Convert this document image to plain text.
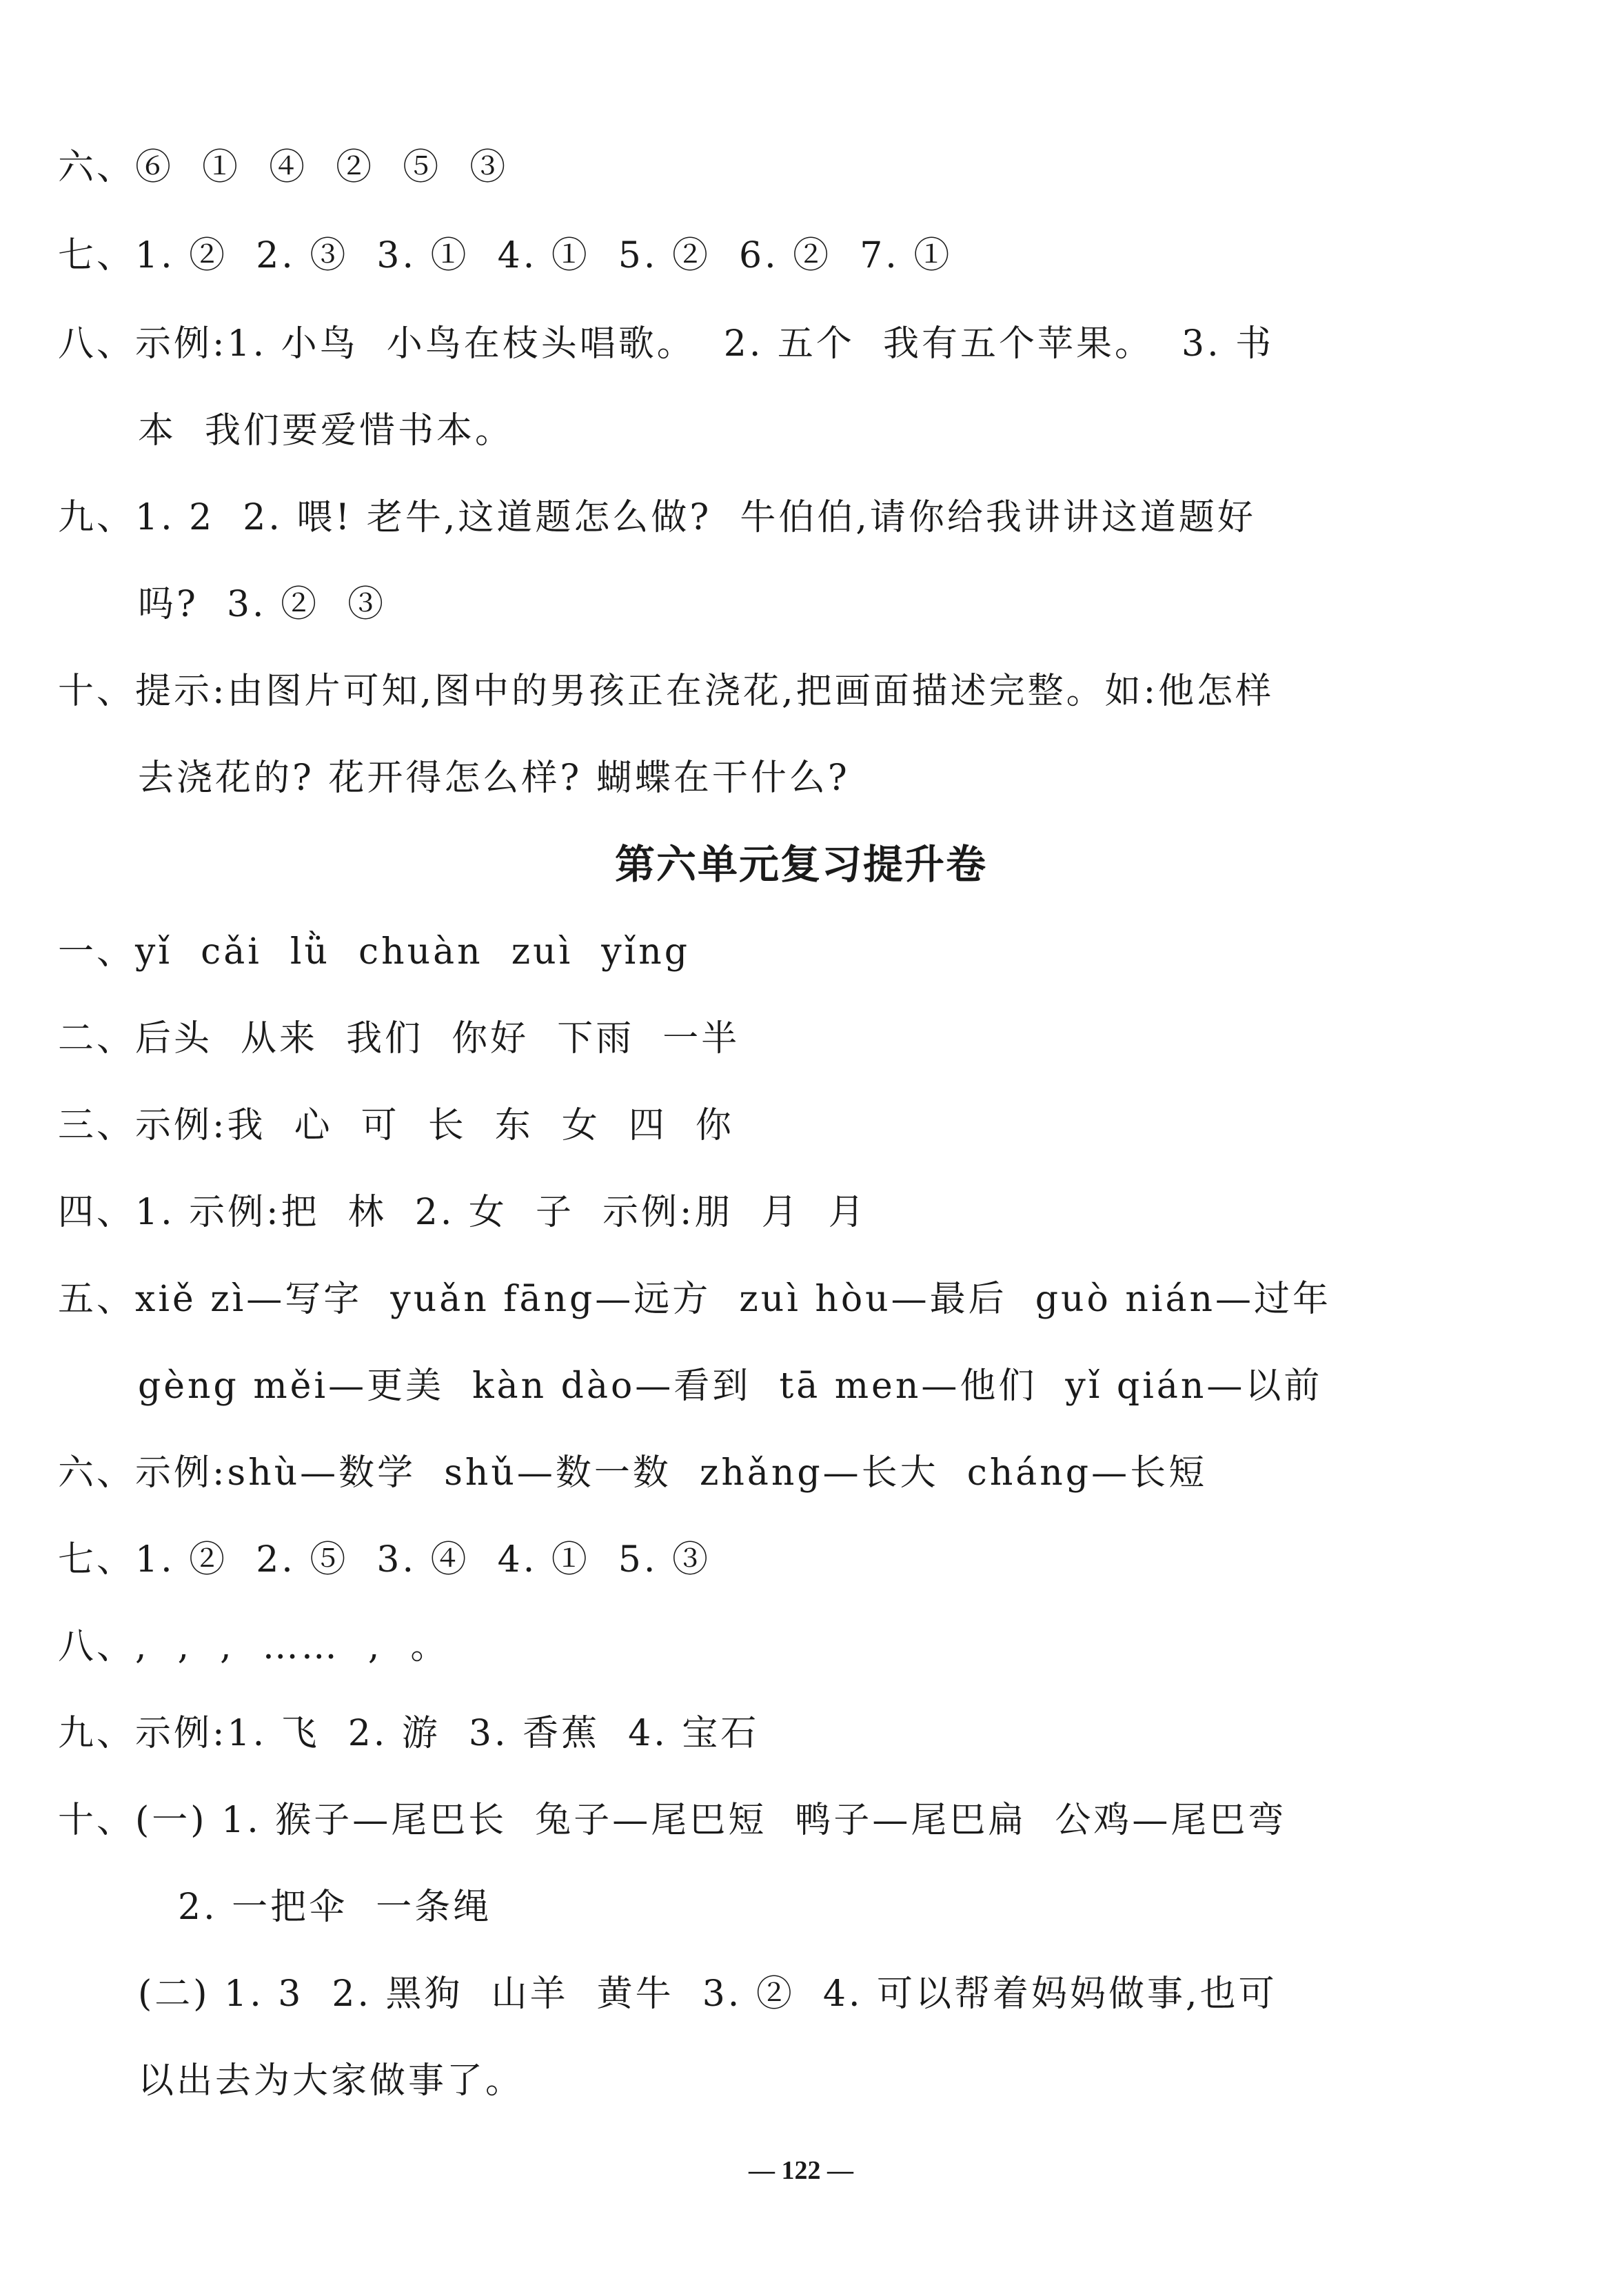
六、⑥  ①  ④  ②  ⑤  ③
七、1. ②  2. ③  3. ①  4. ①  5. ②  6. ②  7. ①
八、示例:1. 小鸟  小鸟在枝头唱歌。  2. 五个  我有五个苹果。  3. 书
本  我们要爱惜书本。
九、1. 2  2. 喂! 老牛,这道题怎么做?  牛伯伯,请你给我讲讲这道题好
吗?  3. ②  ③
十、提示:由图片可知,图中的男孩正在浇花,把画面描述完整。如:他怎样
去浇花的? 花开得怎么样? 蝴蝶在干什么?
第六单元复习提升卷
一、yǐ  cǎi  lǜ  chuàn  zuì  yǐng
二、后头  从来  我们  你好  下雨  一半
三、示例:我  心  可  长  东  女  四  你
四、1. 示例:把  林  2. 女  子  示例:朋  月  月
五、xiě zì—写字  yuǎn fāng—远方  zuì hòu—最后  guò nián—过年
gèng měi—更美  kàn dào—看到  tā men—他们  yǐ qián—以前
六、示例:shù—数学  shǔ—数一数  zhǎng—长大  cháng—长短
七、1. ②  2. ⑤  3. ④  4. ①  5. ③
八、,  ,  ,  ……  ,  。
九、示例:1. 飞  2. 游  3. 香蕉  4. 宝石
十、(一) 1. 猴子—尾巴长  兔子—尾巴短  鸭子—尾巴扁  公鸡—尾巴弯
2. 一把伞  一条绳
(二) 1. 3  2. 黑狗  山羊  黄牛  3. ②  4. 可以帮着妈妈做事,也可
以出去为大家做事了。
— 122 —
